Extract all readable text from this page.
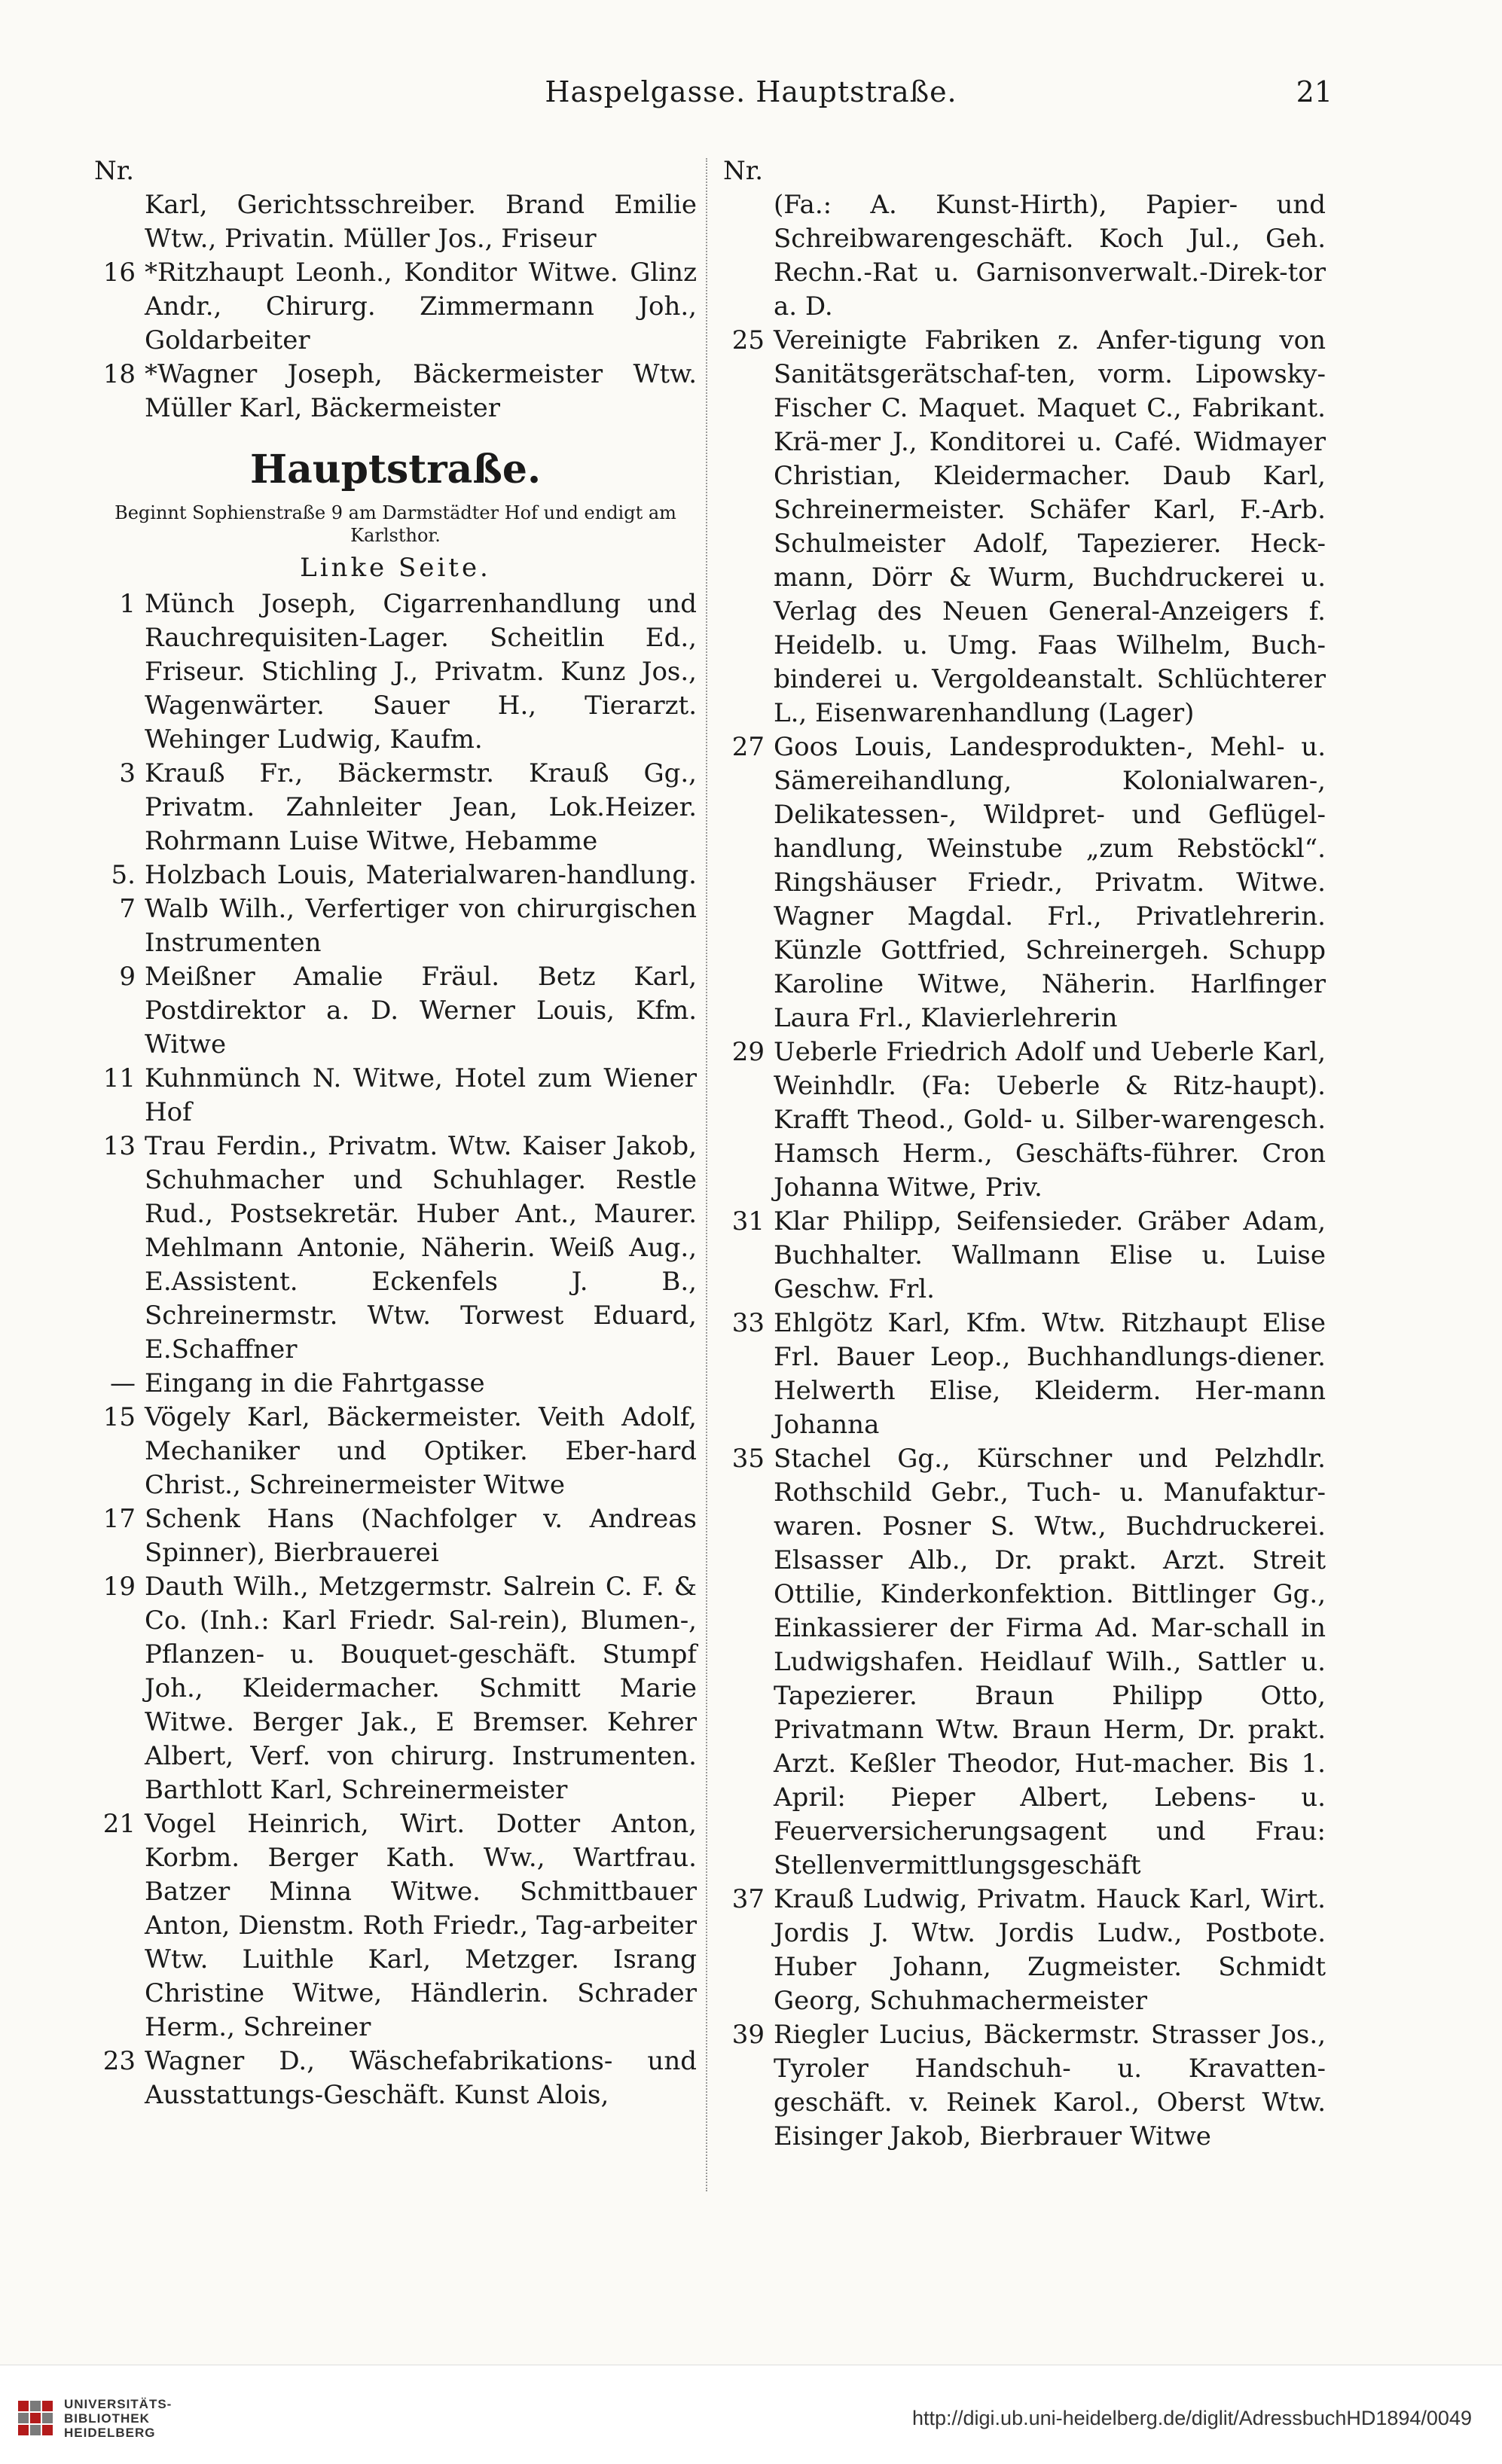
Haspelgasse. Hauptstraße.	21

Nr.

Karl, Gerichtsschreiber. Brand Emilie Wtw., Privatin. Müller Jos., Friseur
16 *Ritzhaupt Leonh., Konditor Witwe. Glinz Andr., Chirurg. Zimmermann Joh., Goldarbeiter
18 *Wagner Joseph, Bäckermeister Wtw. Müller Karl, Bäckermeister
Hauptstraße.
Beginnt Sophienstraße 9 am Darmstädter Hof und endigt am Karlsthor.
Linke Seite.
1 Münch Joseph, Cigarrenhandlung und Rauchrequisiten-Lager. Scheitlin Ed., Friseur. Stichling J., Privatm. Kunz Jos., Wagenwärter. Sauer H., Tierarzt. Wehinger Ludwig, Kaufm.
3 Krauß Fr., Bäckermstr. Krauß Gg., Privatm. Zahnleiter Jean, Lok.Heizer. Rohrmann Luise Witwe, Hebamme
5. 7
Holzbach Louis, Materialwaren-handlung. Walb Wilh., Verfertiger von chirurgischen Instrumenten
9 Meißner Amalie Fräul. Betz Karl, Postdirektor a. D. Werner Louis, Kfm. Witwe
11 Kuhnmünch N. Witwe, Hotel zum Wiener Hof
13 Trau Ferdin., Privatm. Wtw. Kaiser Jakob, Schuhmacher und Schuhlager. Restle Rud., Postsekretär. Huber Ant., Maurer. Mehlmann Antonie, Näherin. Weiß Aug., E.Assistent. Eckenfels J. B., Schreinermstr. Wtw. Torwest Eduard, E.Schaffner
— Eingang in die Fahrtgasse
15 Vögely Karl, Bäckermeister. Veith Adolf, Mechaniker und Optiker. Eber-hard Christ., Schreinermeister Witwe
17 Schenk Hans (Nachfolger v. Andreas Spinner), Bierbrauerei
19 Dauth Wilh., Metzgermstr. Salrein C. F. & Co. (Inh.: Karl Friedr. Sal-rein), Blumen-, Pflanzen- u. Bouquet-geschäft. Stumpf Joh., Kleidermacher. Schmitt Marie Witwe. Berger Jak., E Bremser. Kehrer Albert, Verf. von chirurg. Instrumenten. Barthlott Karl, Schreinermeister
21 Vogel Heinrich, Wirt. Dotter Anton, Korbm. Berger Kath. Ww., Wartfrau. Batzer Minna Witwe. Schmittbauer Anton, Dienstm. Roth Friedr., Tag-arbeiter Wtw. Luithle Karl, Metzger. Israng Christine Witwe, Händlerin. Schrader Herm., Schreiner
23 Wagner D., Wäschefabrikations- und Ausstattungs-Geschäft. Kunst Alois,

Nr.

(Fa.: A. Kunst-Hirth), Papier- und Schreibwarengeschäft. Koch Jul., Geh. Rechn.-Rat u. Garnisonverwalt.-Direk-tor a. D.
25 Vereinigte Fabriken z. Anfer-tigung von Sanitätsgerätschaf-ten, vorm. Lipowsky-Fischer C. Maquet. Maquet C., Fabrikant. Krä-mer J., Konditorei u. Café. Widmayer Christian, Kleidermacher. Daub Karl, Schreinermeister. Schäfer Karl, F.-Arb. Schulmeister Adolf, Tapezierer. Heck-mann, Dörr & Wurm, Buchdruckerei u. Verlag des Neuen General-Anzeigers f. Heidelb. u. Umg. Faas Wilhelm, Buch-binderei u. Vergoldeanstalt. Schlüchterer L., Eisenwarenhandlung (Lager)
27 Goos Louis, Landesprodukten-, Mehl- u. Sämereihandlung, Kolonialwaren-, Delikatessen-, Wildpret- und Geflügel-handlung, Weinstube „zum Rebstöckl“. Ringshäuser Friedr., Privatm. Witwe. Wagner Magdal. Frl., Privatlehrerin. Künzle Gottfried, Schreinergeh. Schupp Karoline Witwe, Näherin. Harlfinger Laura Frl., Klavierlehrerin
29 Ueberle Friedrich Adolf und Ueberle Karl, Weinhdlr. (Fa: Ueberle & Ritz-haupt). Krafft Theod., Gold- u. Silber-warengesch. Hamsch Herm., Geschäfts-führer. Cron Johanna Witwe, Priv.
31 Klar Philipp, Seifensieder. Gräber Adam, Buchhalter. Wallmann Elise u. Luise Geschw. Frl.
33 Ehlgötz Karl, Kfm. Wtw. Ritzhaupt Elise Frl. Bauer Leop., Buchhandlungs-diener. Helwerth Elise, Kleiderm. Her-mann Johanna
35 Stachel Gg., Kürschner und Pelzhdlr. Rothschild Gebr., Tuch- u. Manufaktur-waren. Posner S. Wtw., Buchdruckerei. Elsasser Alb., Dr. prakt. Arzt. Streit Ottilie, Kinderkonfektion. Bittlinger Gg., Einkassierer der Firma Ad. Mar-schall in Ludwigshafen. Heidlauf Wilh., Sattler u. Tapezierer. Braun Philipp Otto, Privatmann Wtw. Braun Herm, Dr. prakt. Arzt. Keßler Theodor, Hut-macher. Bis 1. April: Pieper Albert, Lebens- u. Feuerversicherungsagent und Frau: Stellenvermittlungsgeschäft
37 Krauß Ludwig, Privatm. Hauck Karl, Wirt. Jordis J. Wtw. Jordis Ludw., Postbote. Huber Johann, Zugmeister. Schmidt Georg, Schuhmachermeister
39 Riegler Lucius, Bäckermstr. Strasser Jos., Tyroler Handschuh- u. Kravatten-geschäft. v. Reinek Karol., Oberst Wtw. Eisinger Jakob, Bierbrauer Witwe
UNIVERSITÄTS-
BIBLIOTHEK
HEIDELBERG
http://digi.ub.uni-heidelberg.de/diglit/AdressbuchHD1894/0049
